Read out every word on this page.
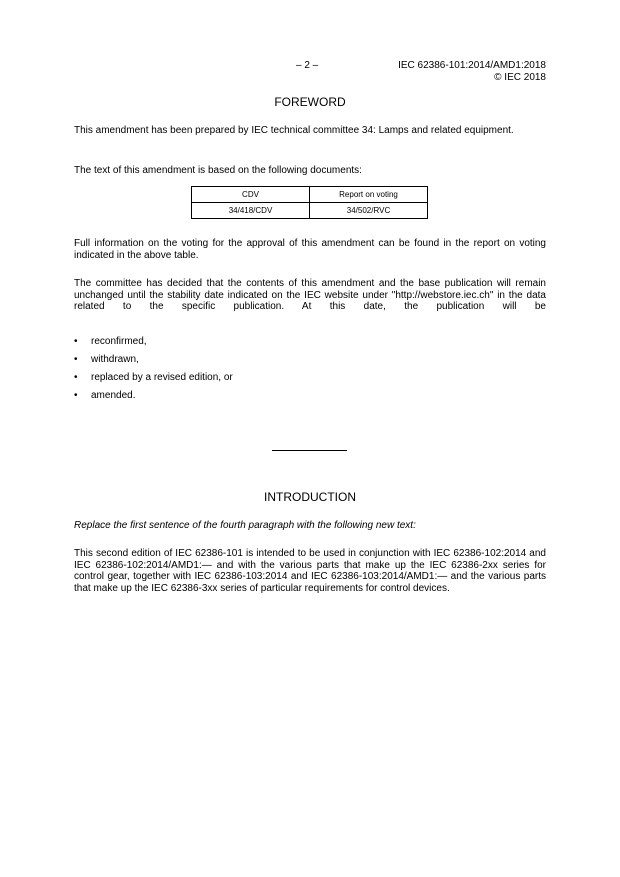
– 2 –	IEC 62386-101:2014/AMD1:2018
© IEC 2018
FOREWORD

This amendment has been prepared by IEC technical committee 34: Lamps and related equipment.

The text of this amendment is based on the following documents:

CDV	Report on voting
34/418/CDV	34/502/RVC

Full information on the voting for the approval of this amendment can be found in the report on voting indicated in the above table.

The committee has decided that the contents of this amendment and the base publication will remain unchanged until the stability date indicated on the IEC website under "http://webstore.iec.ch" in the data related to the specific publication. At this date, the publication will be

• reconfirmed,
• withdrawn,
• replaced by a revised edition, or
• amended.
INTRODUCTION

Replace the first sentence of the fourth paragraph with the following new text:

This second edition of IEC 62386-101 is intended to be used in conjunction with IEC 62386-102:2014 and IEC 62386-102:2014/AMD1:— and with the various parts that make up the IEC 62386-2xx series for control gear, together with IEC 62386-103:2014 and IEC 62386-103:2014/AMD1:— and the various parts that make up the IEC 62386-3xx series of particular requirements for control devices.
